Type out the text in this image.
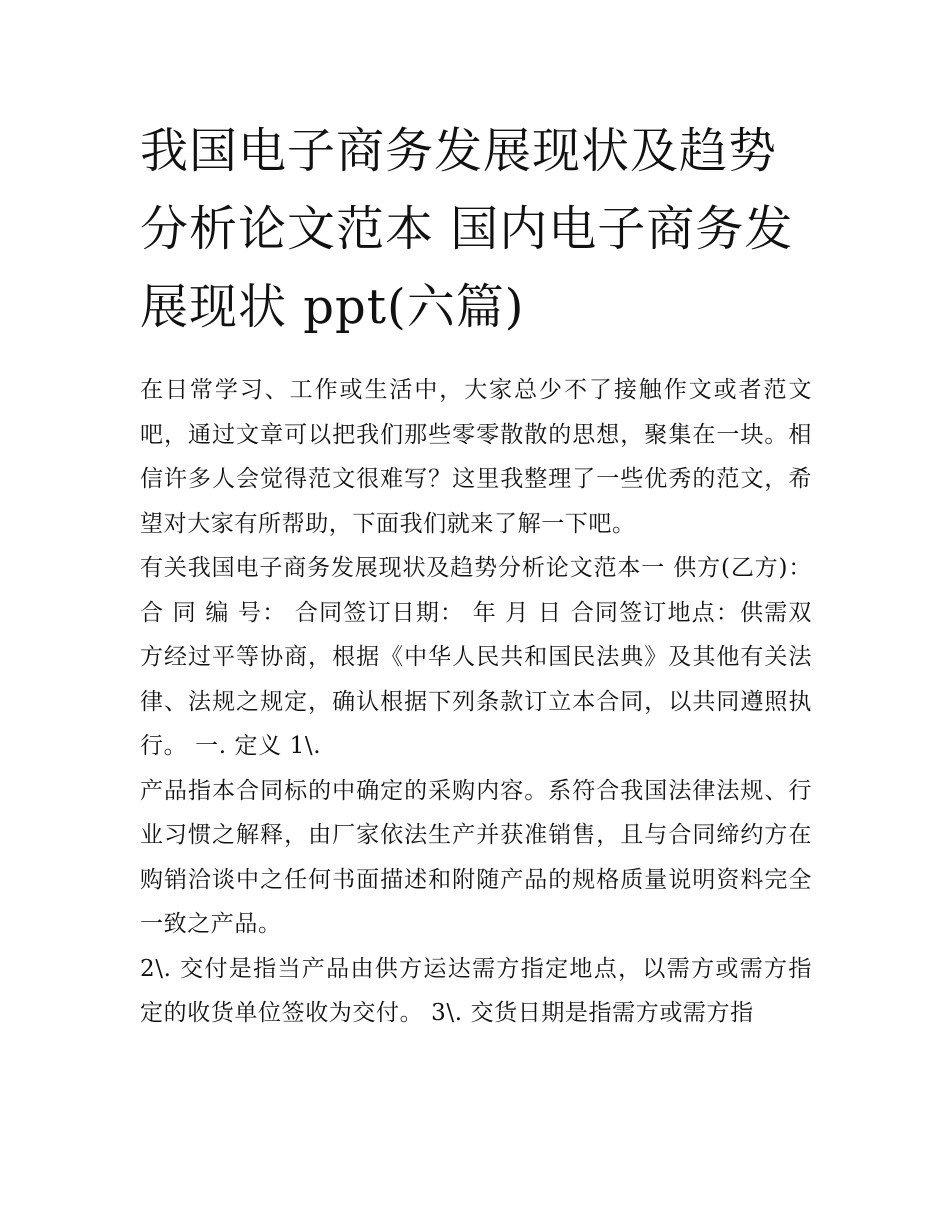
我国电子商务发展现状及趋势分析论文范本 国内电子商务发展现状 ppt(六篇)

在日常学习、工作或生活中，大家总少不了接触作文或者范文吧，通过文章可以把我们那些零零散散的思想，聚集在一块。相信许多人会觉得范文很难写？这里我整理了一些优秀的范文，希望对大家有所帮助，下面我们就来了解一下吧。

有关我国电子商务发展现状及趋势分析论文范本一 供方(乙方)： 合 同 编 号： 合同签订日期： 年 月 日 合同签订地点：供需双方经过平等协商，根据《中华人民共和国民法典》及其他有关法律、法规之规定，确认根据下列条款订立本合同，以共同遵照执行。 一. 定义 1\.

产品指本合同标的中确定的采购内容。系符合我国法律法规、行业习惯之解释，由厂家依法生产并获准销售，且与合同缔约方在购销洽谈中之任何书面描述和附随产品的规格质量说明资料完全一致之产品。

2\. 交付是指当产品由供方运达需方指定地点，以需方或需方指定的收货单位签收为交付。 3\. 交货日期是指需方或需方指
